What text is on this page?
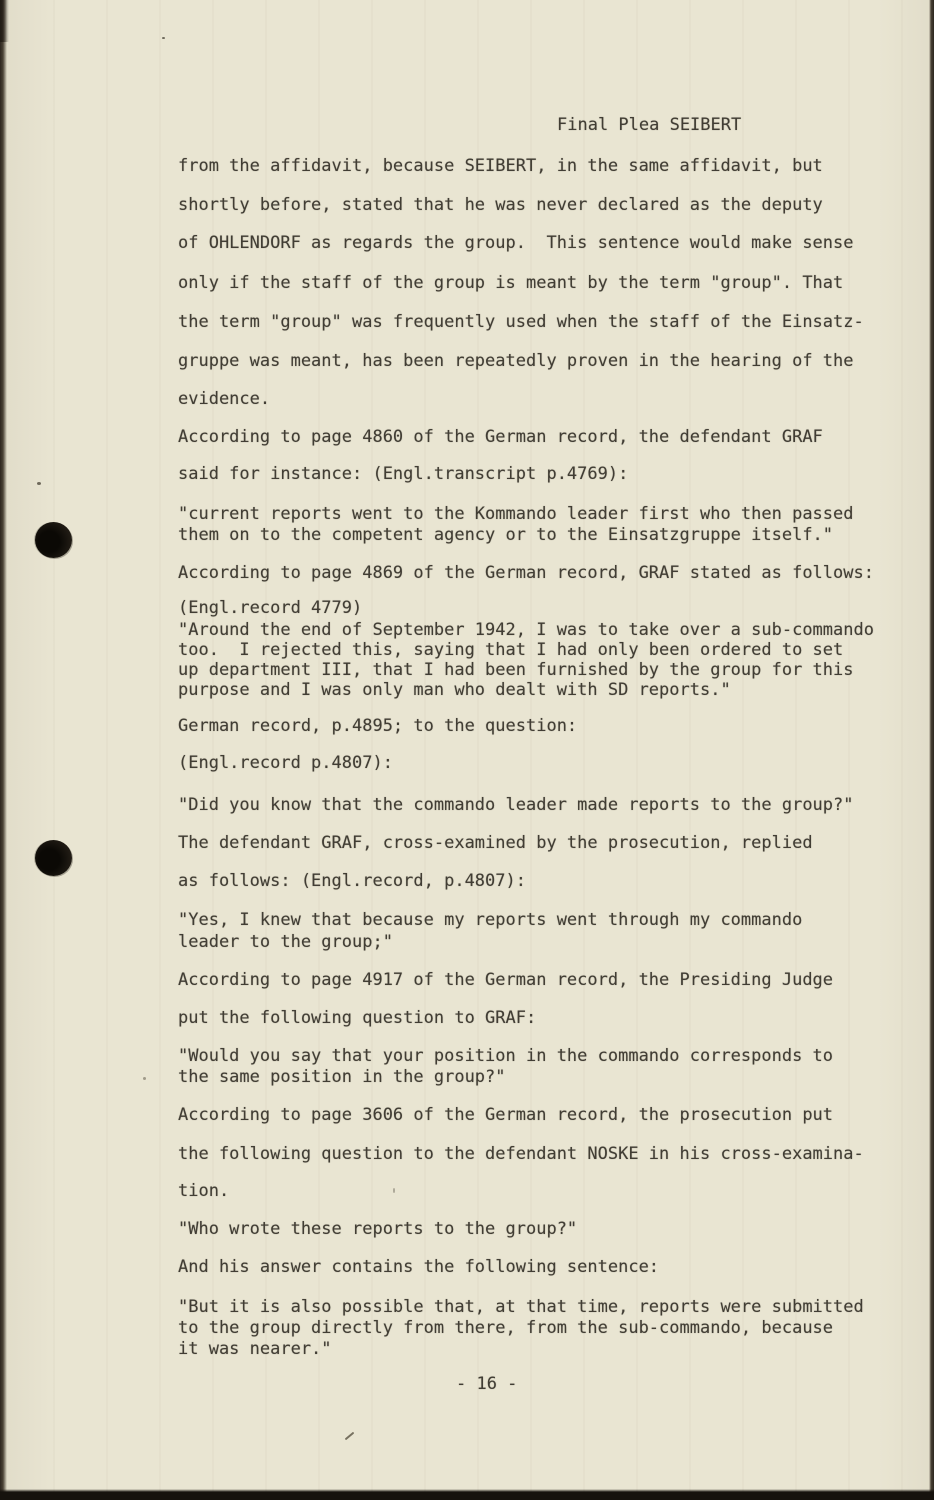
Final Plea SEIBERT
from the affidavit, because SEIBERT, in the same affidavit, but
shortly before, stated that he was never declared as the deputy
of OHLENDORF as regards the group.  This sentence would make sense
only if the staff of the group is meant by the term "group". That
the term "group" was frequently used when the staff of the Einsatz-
gruppe was meant, has been repeatedly proven in the hearing of the
evidence.
According to page 4860 of the German record, the defendant GRAF
said for instance: (Engl.transcript p.4769):
"current reports went to the Kommando leader first who then passed
them on to the competent agency or to the Einsatzgruppe itself."
According to page 4869 of the German record, GRAF stated as follows:
(Engl.record 4779)
"Around the end of September 1942, I was to take over a sub-commando
too.  I rejected this, saying that I had only been ordered to set
up department III, that I had been furnished by the group for this
purpose and I was only man who dealt with SD reports."
German record, p.4895; to the question:
(Engl.record p.4807):
"Did you know that the commando leader made reports to the group?"
The defendant GRAF, cross-examined by the prosecution, replied
as follows: (Engl.record, p.4807):
"Yes, I knew that because my reports went through my commando
leader to the group;"
According to page 4917 of the German record, the Presiding Judge
put the following question to GRAF:
"Would you say that your position in the commando corresponds to
the same position in the group?"
According to page 3606 of the German record, the prosecution put
the following question to the defendant NOSKE in his cross-examina-
tion.
"Who wrote these reports to the group?"
And his answer contains the following sentence:
"But it is also possible that, at that time, reports were submitted
to the group directly from there, from the sub-commando, because
it was nearer."
- 16 -
